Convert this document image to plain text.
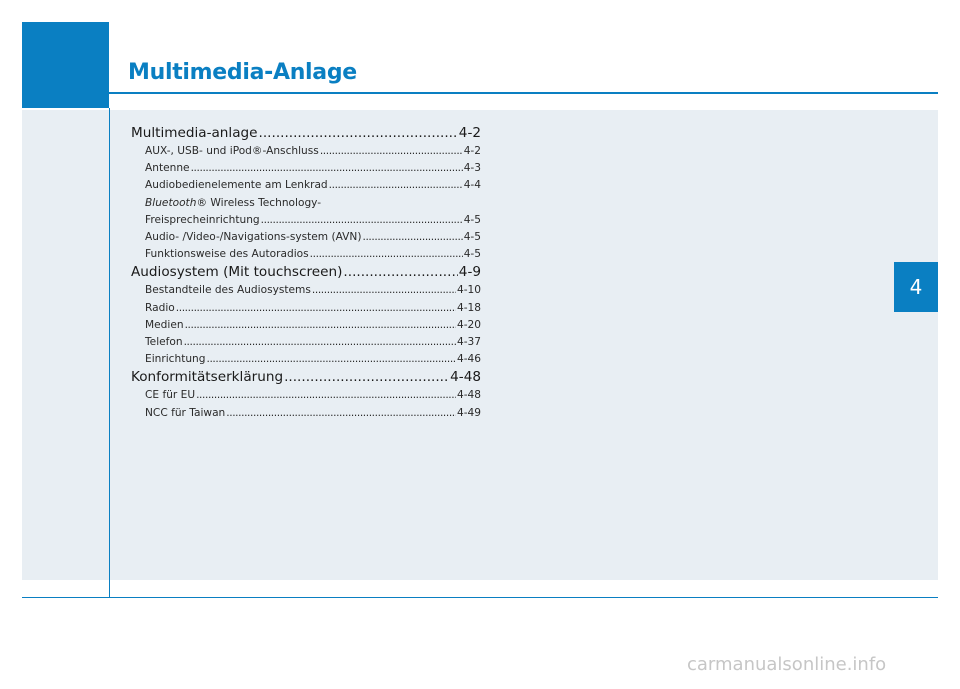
Multimedia-Anlage
4
Multimedia-anlage .....	4-2
AUX-, USB- und iPod®-Anschluss .....	4-2
Antenne .....	4-3
Audiobedienelemente am Lenkrad .....	4-4
Bluetooth® Wireless Technology-
Freisprecheinrichtung .....	4-5
Audio- /Video-/Navigations-system (AVN) .....	4-5
Funktionsweise des Autoradios .....	4-5
Audiosystem (Mit touchscreen) .....	4-9
Bestandteile des Audiosystems .....	4-10
Radio .....	4-18
Medien .....	4-20
Telefon .....	4-37
Einrichtung .....	4-46
Konformitätserklärung .....	4-48
CE für EU .....	4-48
NCC für Taiwan .....	4-49
carmanualsonline.info
